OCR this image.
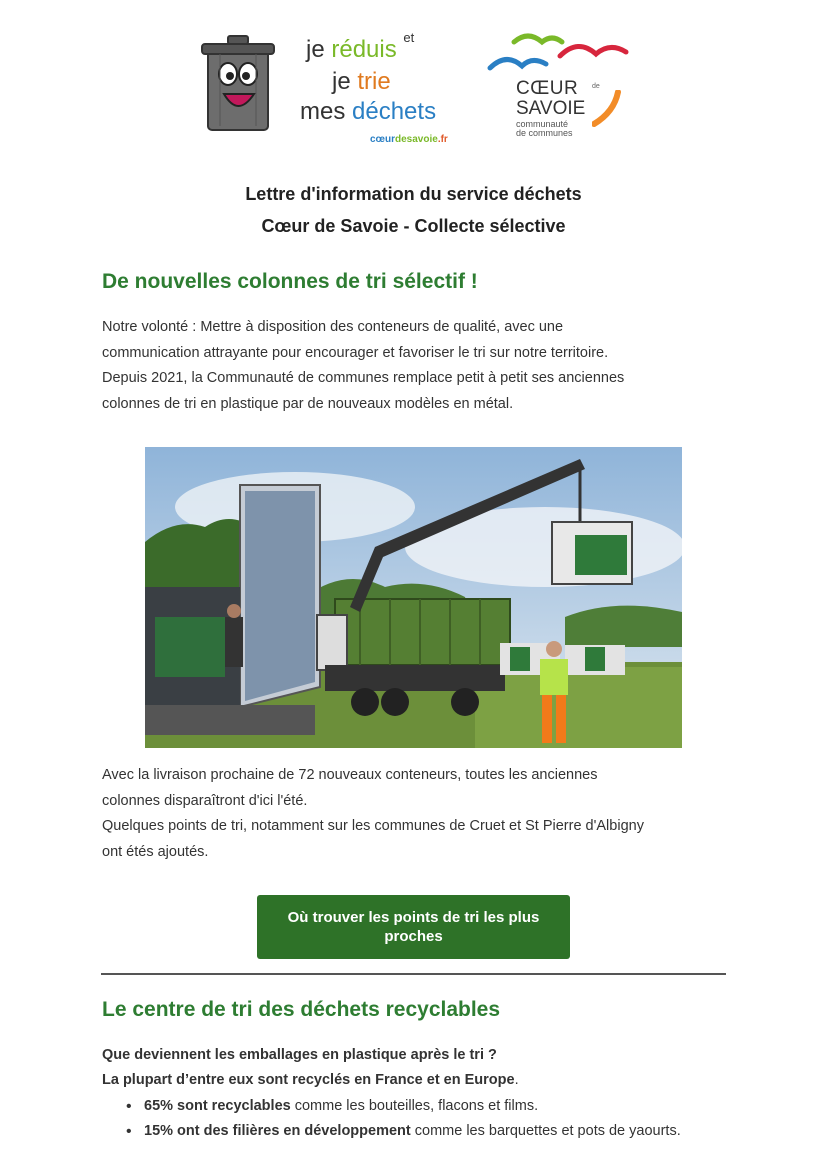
je réduis $^{et}$
je trie
mes déchets
cœurdesavoie.fr
CŒUR de
SAVOIE
communauté
de communes
Lettre d'information du service déchets
Cœur de Savoie - Collecte sélective
De nouvelles colonnes de tri sélectif !
Notre volonté : Mettre à disposition des conteneurs de qualité, avec une
communication attrayante pour encourager et favoriser le tri sur notre territoire.
Depuis 2021, la Communauté de communes remplace petit à petit ses anciennes
colonnes de tri en plastique par de nouveaux modèles en métal.
Avec la livraison prochaine de 72 nouveaux conteneurs, toutes les anciennes
colonnes disparaîtront d'ici l'été.
Quelques points de tri, notamment sur les communes de Cruet et St Pierre d'Albigny
ont étés ajoutés.
Où trouver les points de tri les plus proches
Le centre de tri des déchets recyclables
Que deviennent les emballages en plastique après le tri ?
La plupart d’entre eux sont recyclés en France et en Europe.
• 65% sont recyclables comme les bouteilles, flacons et films.
• 15% ont des filières en développement comme les barquettes et pots de yaourts.
